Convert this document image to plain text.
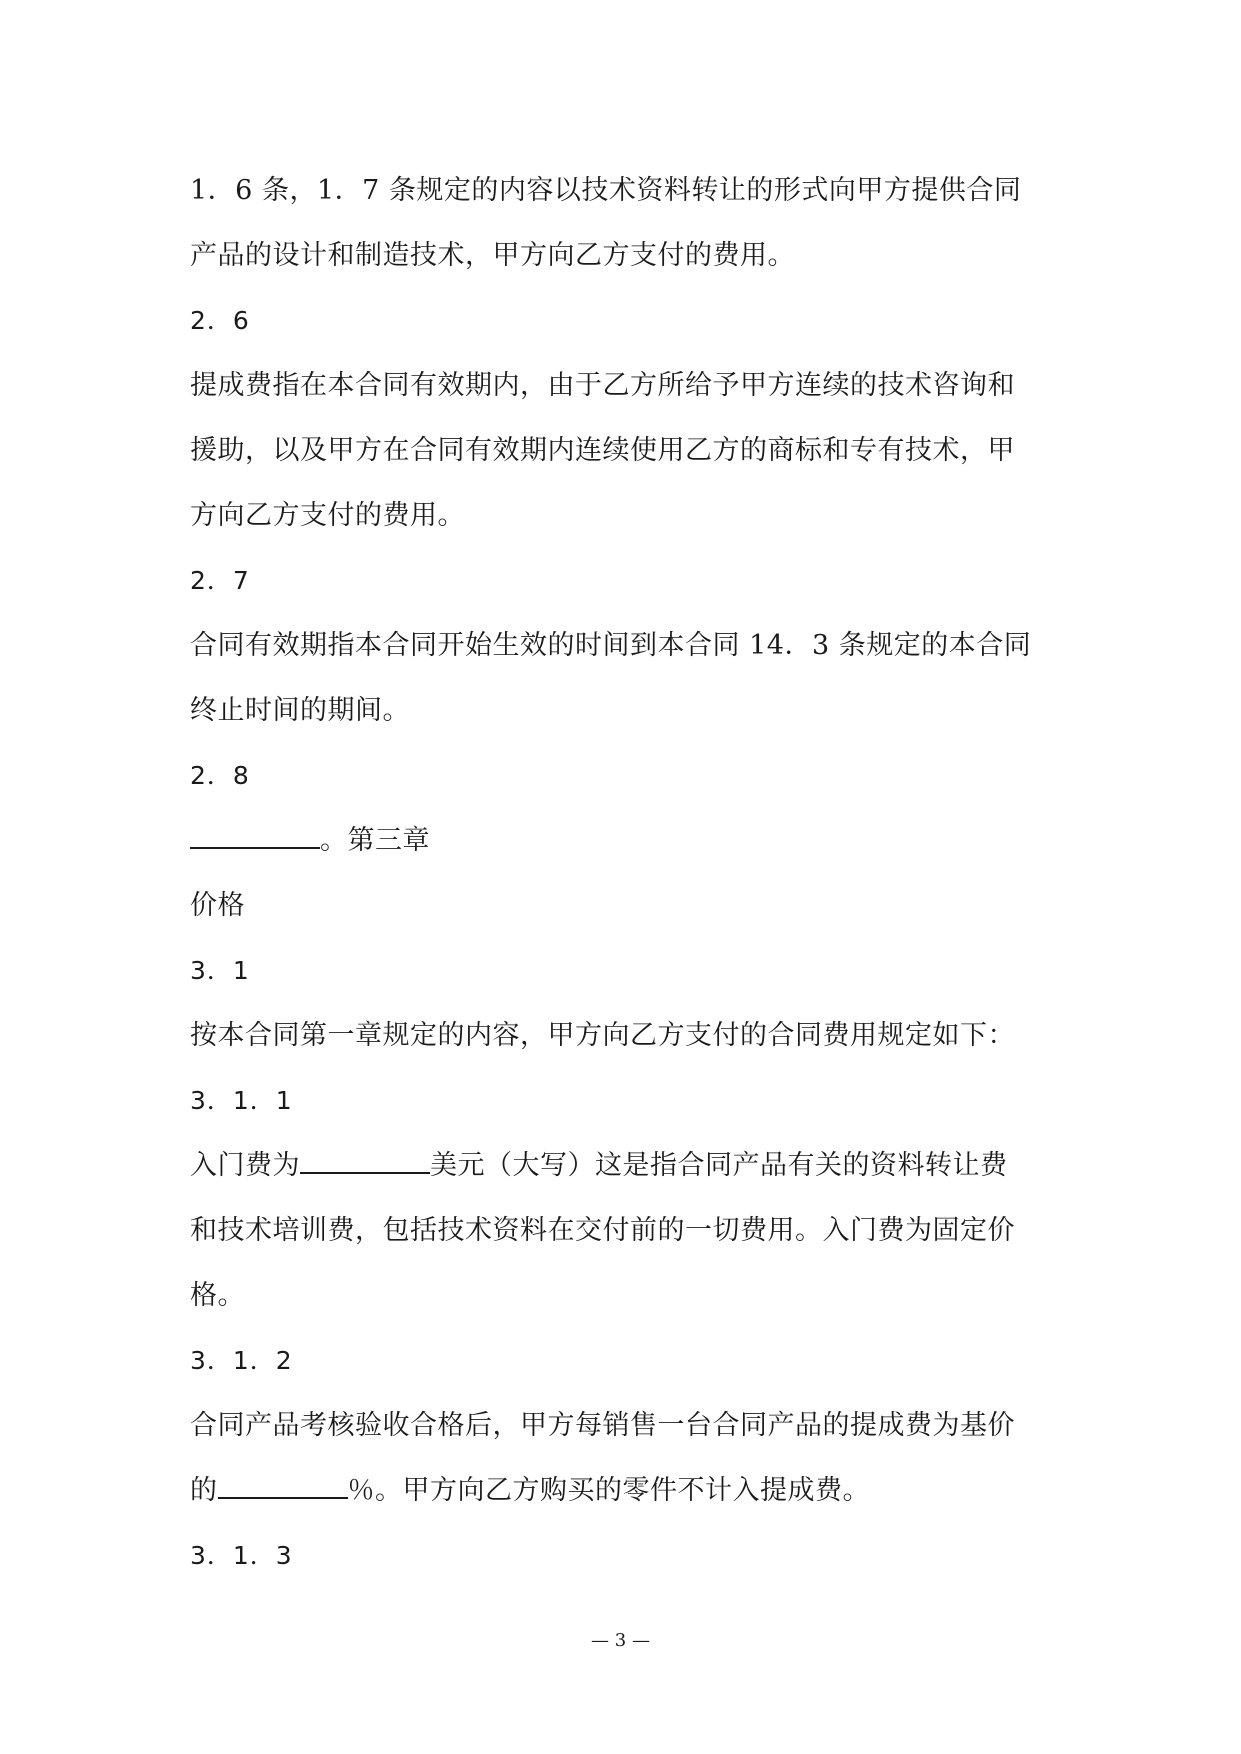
1．6 条，1．7 条规定的内容以技术资料转让的形式向甲方提供合同
产品的设计和制造技术，甲方向乙方支付的费用。
2．6
提成费指在本合同有效期内，由于乙方所给予甲方连续的技术咨询和
援助，以及甲方在合同有效期内连续使用乙方的商标和专有技术，甲
方向乙方支付的费用。
2．7
合同有效期指本合同开始生效的时间到本合同 14．3 条规定的本合同
终止时间的期间。
2．8
。第三章
价格
3．1
按本合同第一章规定的内容，甲方向乙方支付的合同费用规定如下：
3．1．1
入门费为	美元（大写）这是指合同产品有关的资料转让费
和技术培训费，包括技术资料在交付前的一切费用。入门费为固定价
格。
3．1．2
合同产品考核验收合格后，甲方每销售一台合同产品的提成费为基价
的	％。甲方向乙方购买的零件不计入提成费。
3．1．3
— 3 —
